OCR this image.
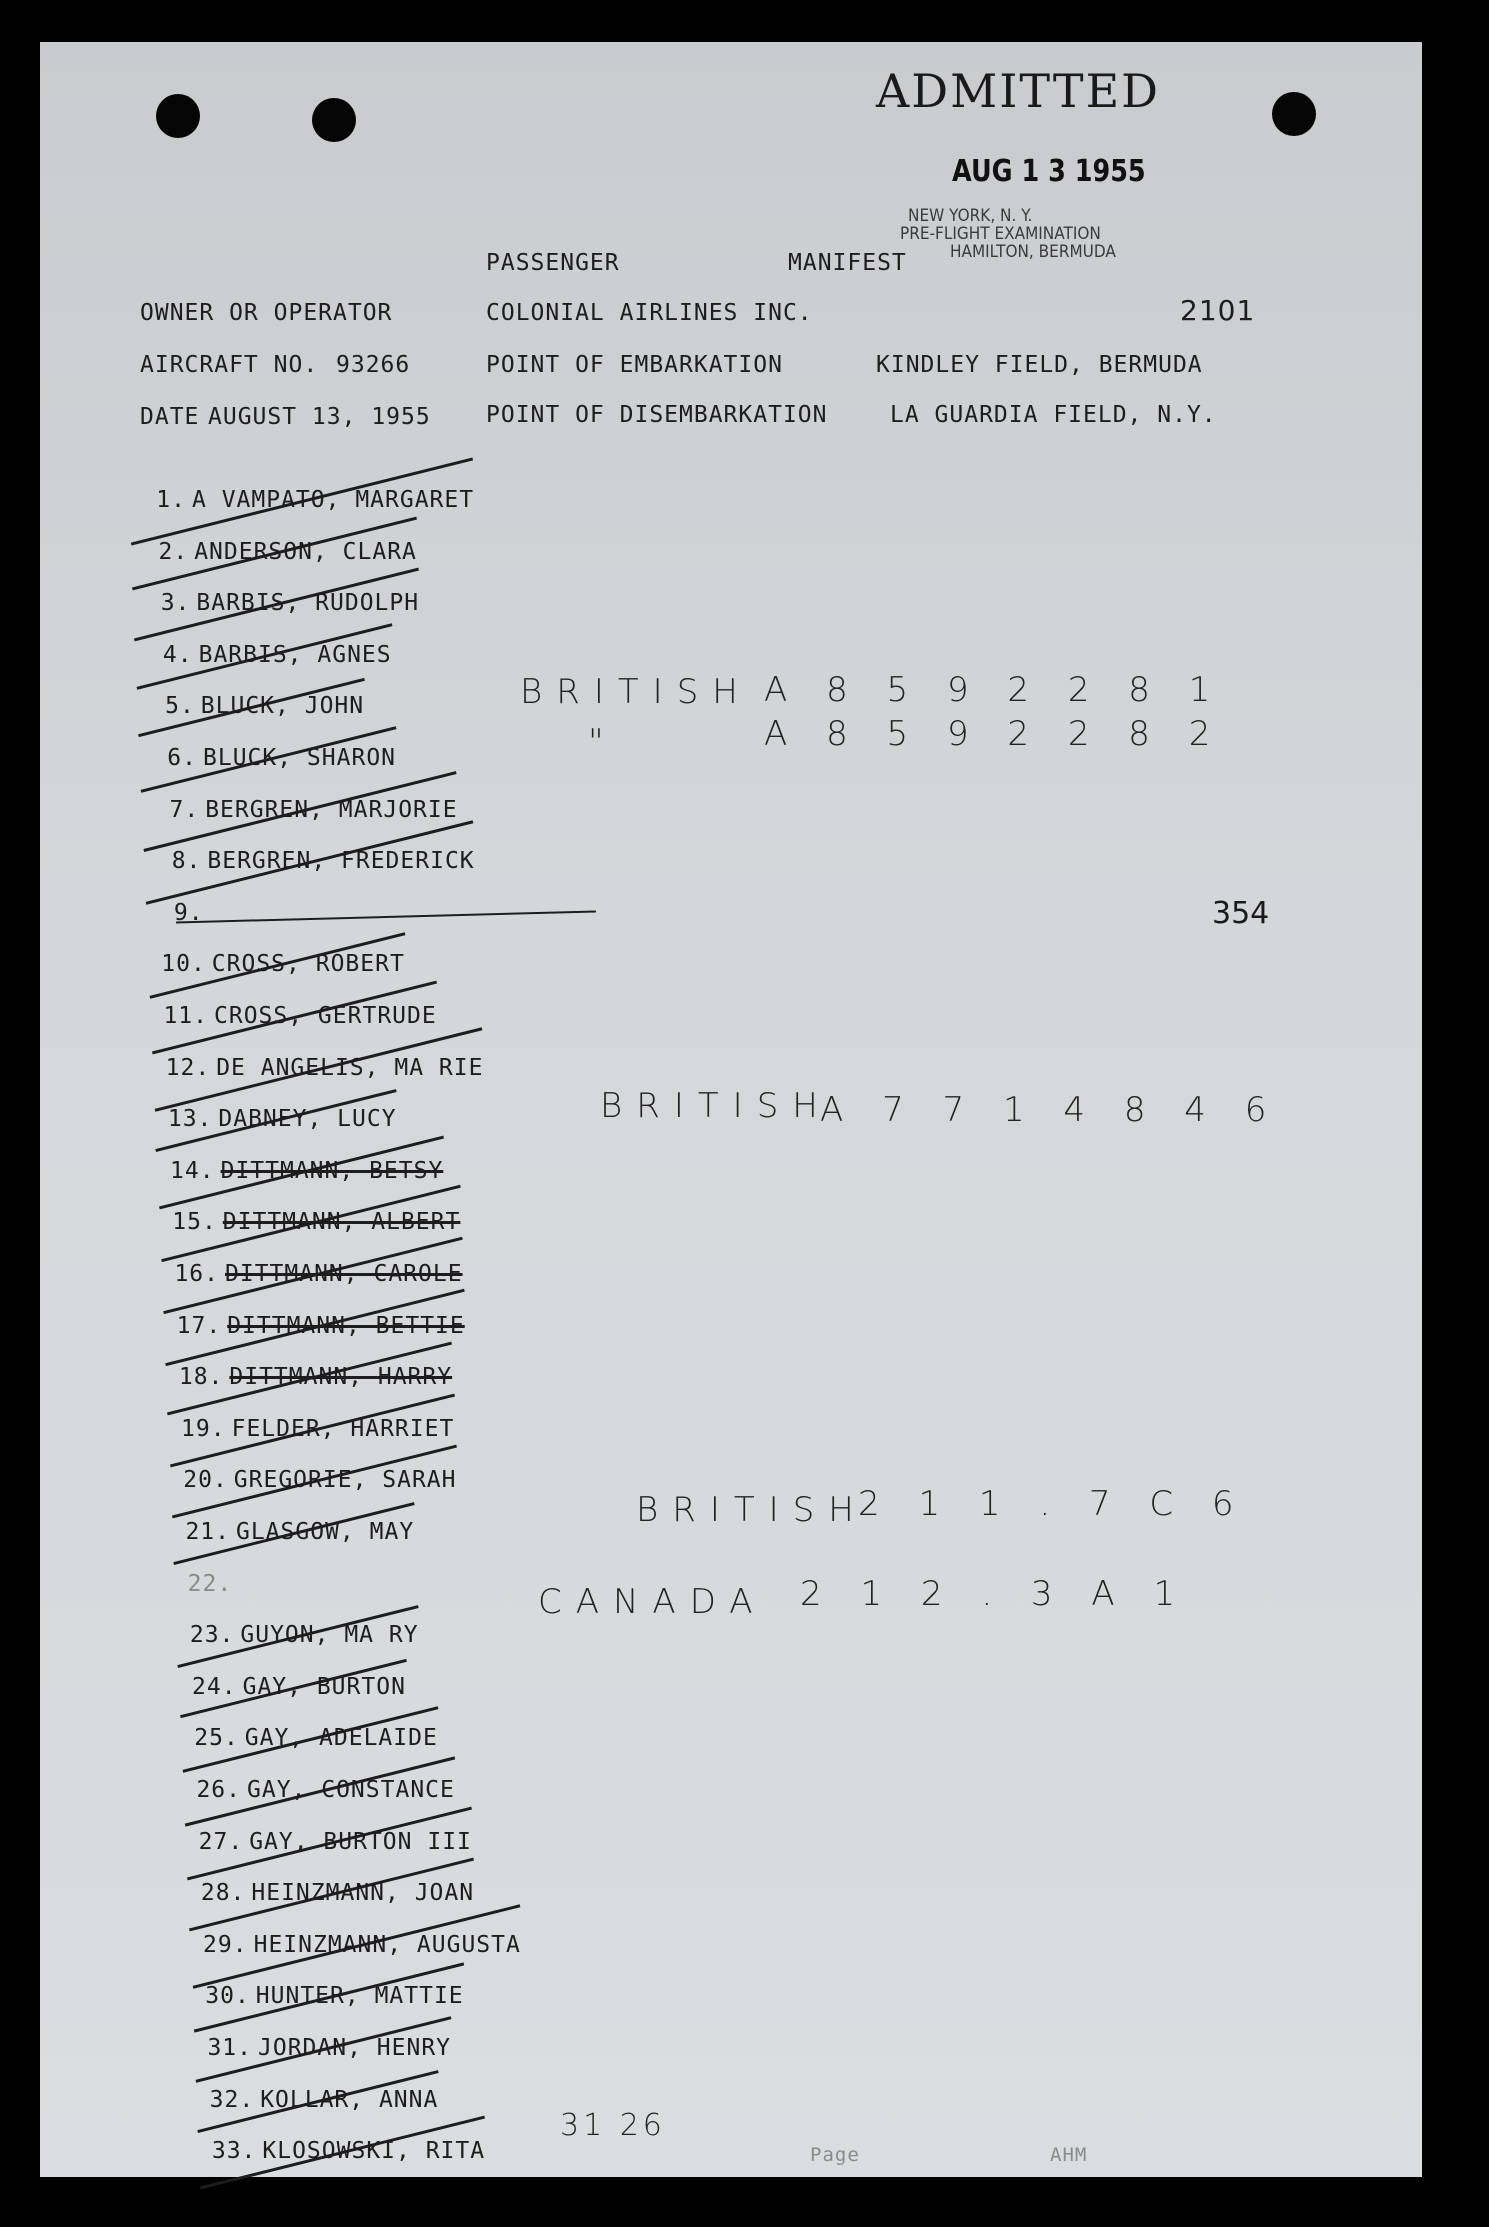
ADMITTED
AUG 1 3 1955
NEW YORK, N. Y.
PRE-FLIGHT EXAMINATION
HAMILTON, BERMUDA
PASSENGER	MANIFEST
2101
OWNER OR OPERATOR	COLONIAL AIRLINES INC.
AIRCRAFT NO. 93266	POINT OF EMBARKATION	KINDLEY FIELD, BERMUDA
DATE AUGUST 13, 1955 POINT OF DISEMBARKATION	LA GUARDIA FIELD, N.Y.
1. A VAMPATO, MARGARET
2. ANDERSON, CLARA
3. BARBIS, RUDOLPH
4. BARBIS, AGNES
5. BLUCK, JOHN
6. BLUCK, SHARON
7. BERGREN, MARJORIE
8. BERGREN, FREDERICK
9.
10. CROSS, ROBERT
11. CROSS, GERTRUDE
12. DE ANGELIS, MA RIE
13. DABNEY, LUCY
14. DITTMANN, BETSY
15. DITTMANN, ALBERT
16. DITTMANN, CAROLE
17. DITTMANN, BETTIE
18. DITTMANN, HARRY
19. FELDER, HARRIET
20. GREGORIE, SARAH
21. GLASGOW, MAY
22.
23. GUYON, MA RY
24. GAY, BURTON
25. GAY, ADELAIDE
26. GAY, CONSTANCE
27. GAY, BURTON III
28. HEINZMANN, JOAN
29. HEINZMANN, AUGUSTA
30. HUNTER, MATTIE
31. JORDAN, HENRY
32. KOLLAR, ANNA
33. KLOSOWSKI, RITA
BRITISH A 8 5 9 2 2 8 1
"	A 8 5 9 2 2 8 2
BRITISH
A 7 7 1 4 8 4 6
BRITISH
2 1 1 . 7 C 6
CANADA 2 1 2 . 3 A 1
354
31 26
Page	AHM
